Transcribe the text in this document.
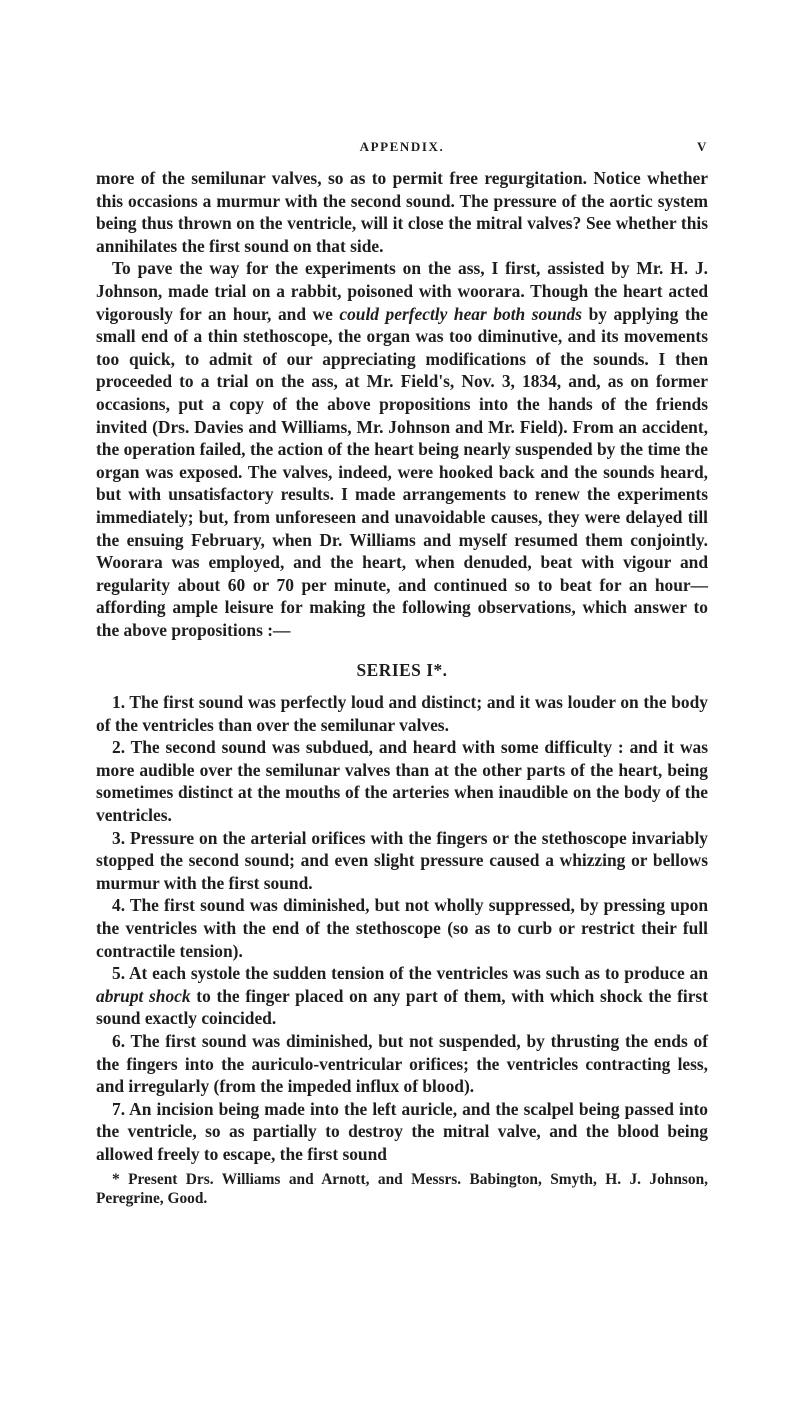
APPENDIX.	V

more of the semilunar valves, so as to permit free regurgitation. Notice whether this occasions a murmur with the second sound. The pressure of the aortic system being thus thrown on the ventricle, will it close the mitral valves? See whether this annihilates the first sound on that side.

To pave the way for the experiments on the ass, I first, assisted by Mr. H. J. Johnson, made trial on a rabbit, poisoned with woorara. Though the heart acted vigorously for an hour, and we could perfectly hear both sounds by applying the small end of a thin stethoscope, the organ was too diminutive, and its movements too quick, to admit of our appreciating modifications of the sounds. I then proceeded to a trial on the ass, at Mr. Field's, Nov. 3, 1834, and, as on former occasions, put a copy of the above propositions into the hands of the friends invited (Drs. Davies and Williams, Mr. Johnson and Mr. Field). From an accident, the operation failed, the action of the heart being nearly suspended by the time the organ was exposed. The valves, indeed, were hooked back and the sounds heard, but with unsatisfactory results. I made arrangements to renew the experiments immediately; but, from unforeseen and unavoidable causes, they were delayed till the ensuing February, when Dr. Williams and myself resumed them conjointly. Woorara was employed, and the heart, when denuded, beat with vigour and regularity about 60 or 70 per minute, and continued so to beat for an hour—affording ample leisure for making the following observations, which answer to the above propositions :—

SERIES I*.

1. The first sound was perfectly loud and distinct; and it was louder on the body of the ventricles than over the semilunar valves.

2. The second sound was subdued, and heard with some difficulty : and it was more audible over the semilunar valves than at the other parts of the heart, being sometimes distinct at the mouths of the arteries when inaudible on the body of the ventricles.

3. Pressure on the arterial orifices with the fingers or the stethoscope invariably stopped the second sound; and even slight pressure caused a whizzing or bellows murmur with the first sound.

4. The first sound was diminished, but not wholly suppressed, by pressing upon the ventricles with the end of the stethoscope (so as to curb or restrict their full contractile tension).

5. At each systole the sudden tension of the ventricles was such as to produce an abrupt shock to the finger placed on any part of them, with which shock the first sound exactly coincided.

6. The first sound was diminished, but not suspended, by thrusting the ends of the fingers into the auriculo-ventricular orifices; the ventricles contracting less, and irregularly (from the impeded influx of blood).

7. An incision being made into the left auricle, and the scalpel being passed into the ventricle, so as partially to destroy the mitral valve, and the blood being allowed freely to escape, the first sound

* Present Drs. Williams and Arnott, and Messrs. Babington, Smyth, H. J. Johnson, Peregrine, Good.
